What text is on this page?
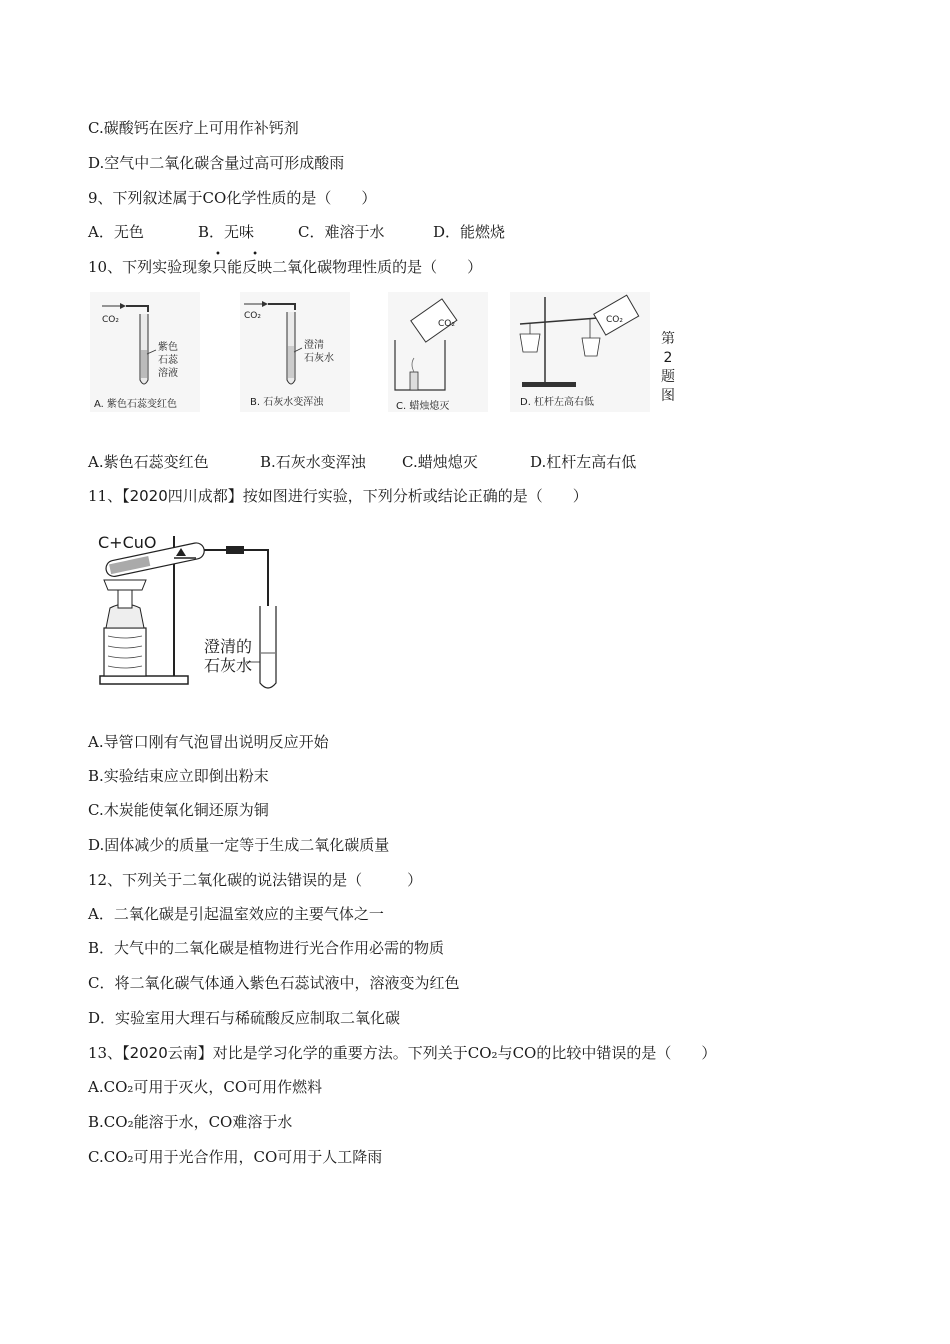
C.碳酸钙在医疗上可用作补钙剂
D.空气中二氧化碳含量过高可形成酸雨
9、下列叙述属于CO化学性质的是（　　）
A．无色	B．无味	C．难溶于水	D．能燃烧
• •
10、下列实验现象只能反映二氧化碳物理性质的是（　　）
CO₂
紫色
石蕊
溶液
A. 紫色石蕊变红色
CO₂
澄清
石灰水
B. 石灰水变浑浊
CO₂
C. 蜡烛熄灭
CO₂
D. 杠杆左高右低
第
2
题
图
A.紫色石蕊变红色	B.石灰水变浑浊 C.蜡烛熄灭	D.杠杆左高右低
11、【2020四川成都】按如图进行实验，下列分析或结论正确的是（　　）
C+CuO
澄清的
石灰水
A.导管口刚有气泡冒出说明反应开始
B.实验结束应立即倒出粉末
C.木炭能使氧化铜还原为铜
D.固体减少的质量一定等于生成二氧化碳质量
12、下列关于二氧化碳的说法错误的是（　　　）
A．二氧化碳是引起温室效应的主要气体之一
B．大气中的二氧化碳是植物进行光合作用必需的物质
C．将二氧化碳气体通入紫色石蕊试液中，溶液变为红色
D．实验室用大理石与稀硫酸反应制取二氧化碳
13、【2020云南】对比是学习化学的重要方法。下列关于CO₂与CO的比较中错误的是（　　）
A.CO₂可用于灭火，CO可用作燃料
B.CO₂能溶于水，CO难溶于水
C.CO₂可用于光合作用，CO可用于人工降雨
